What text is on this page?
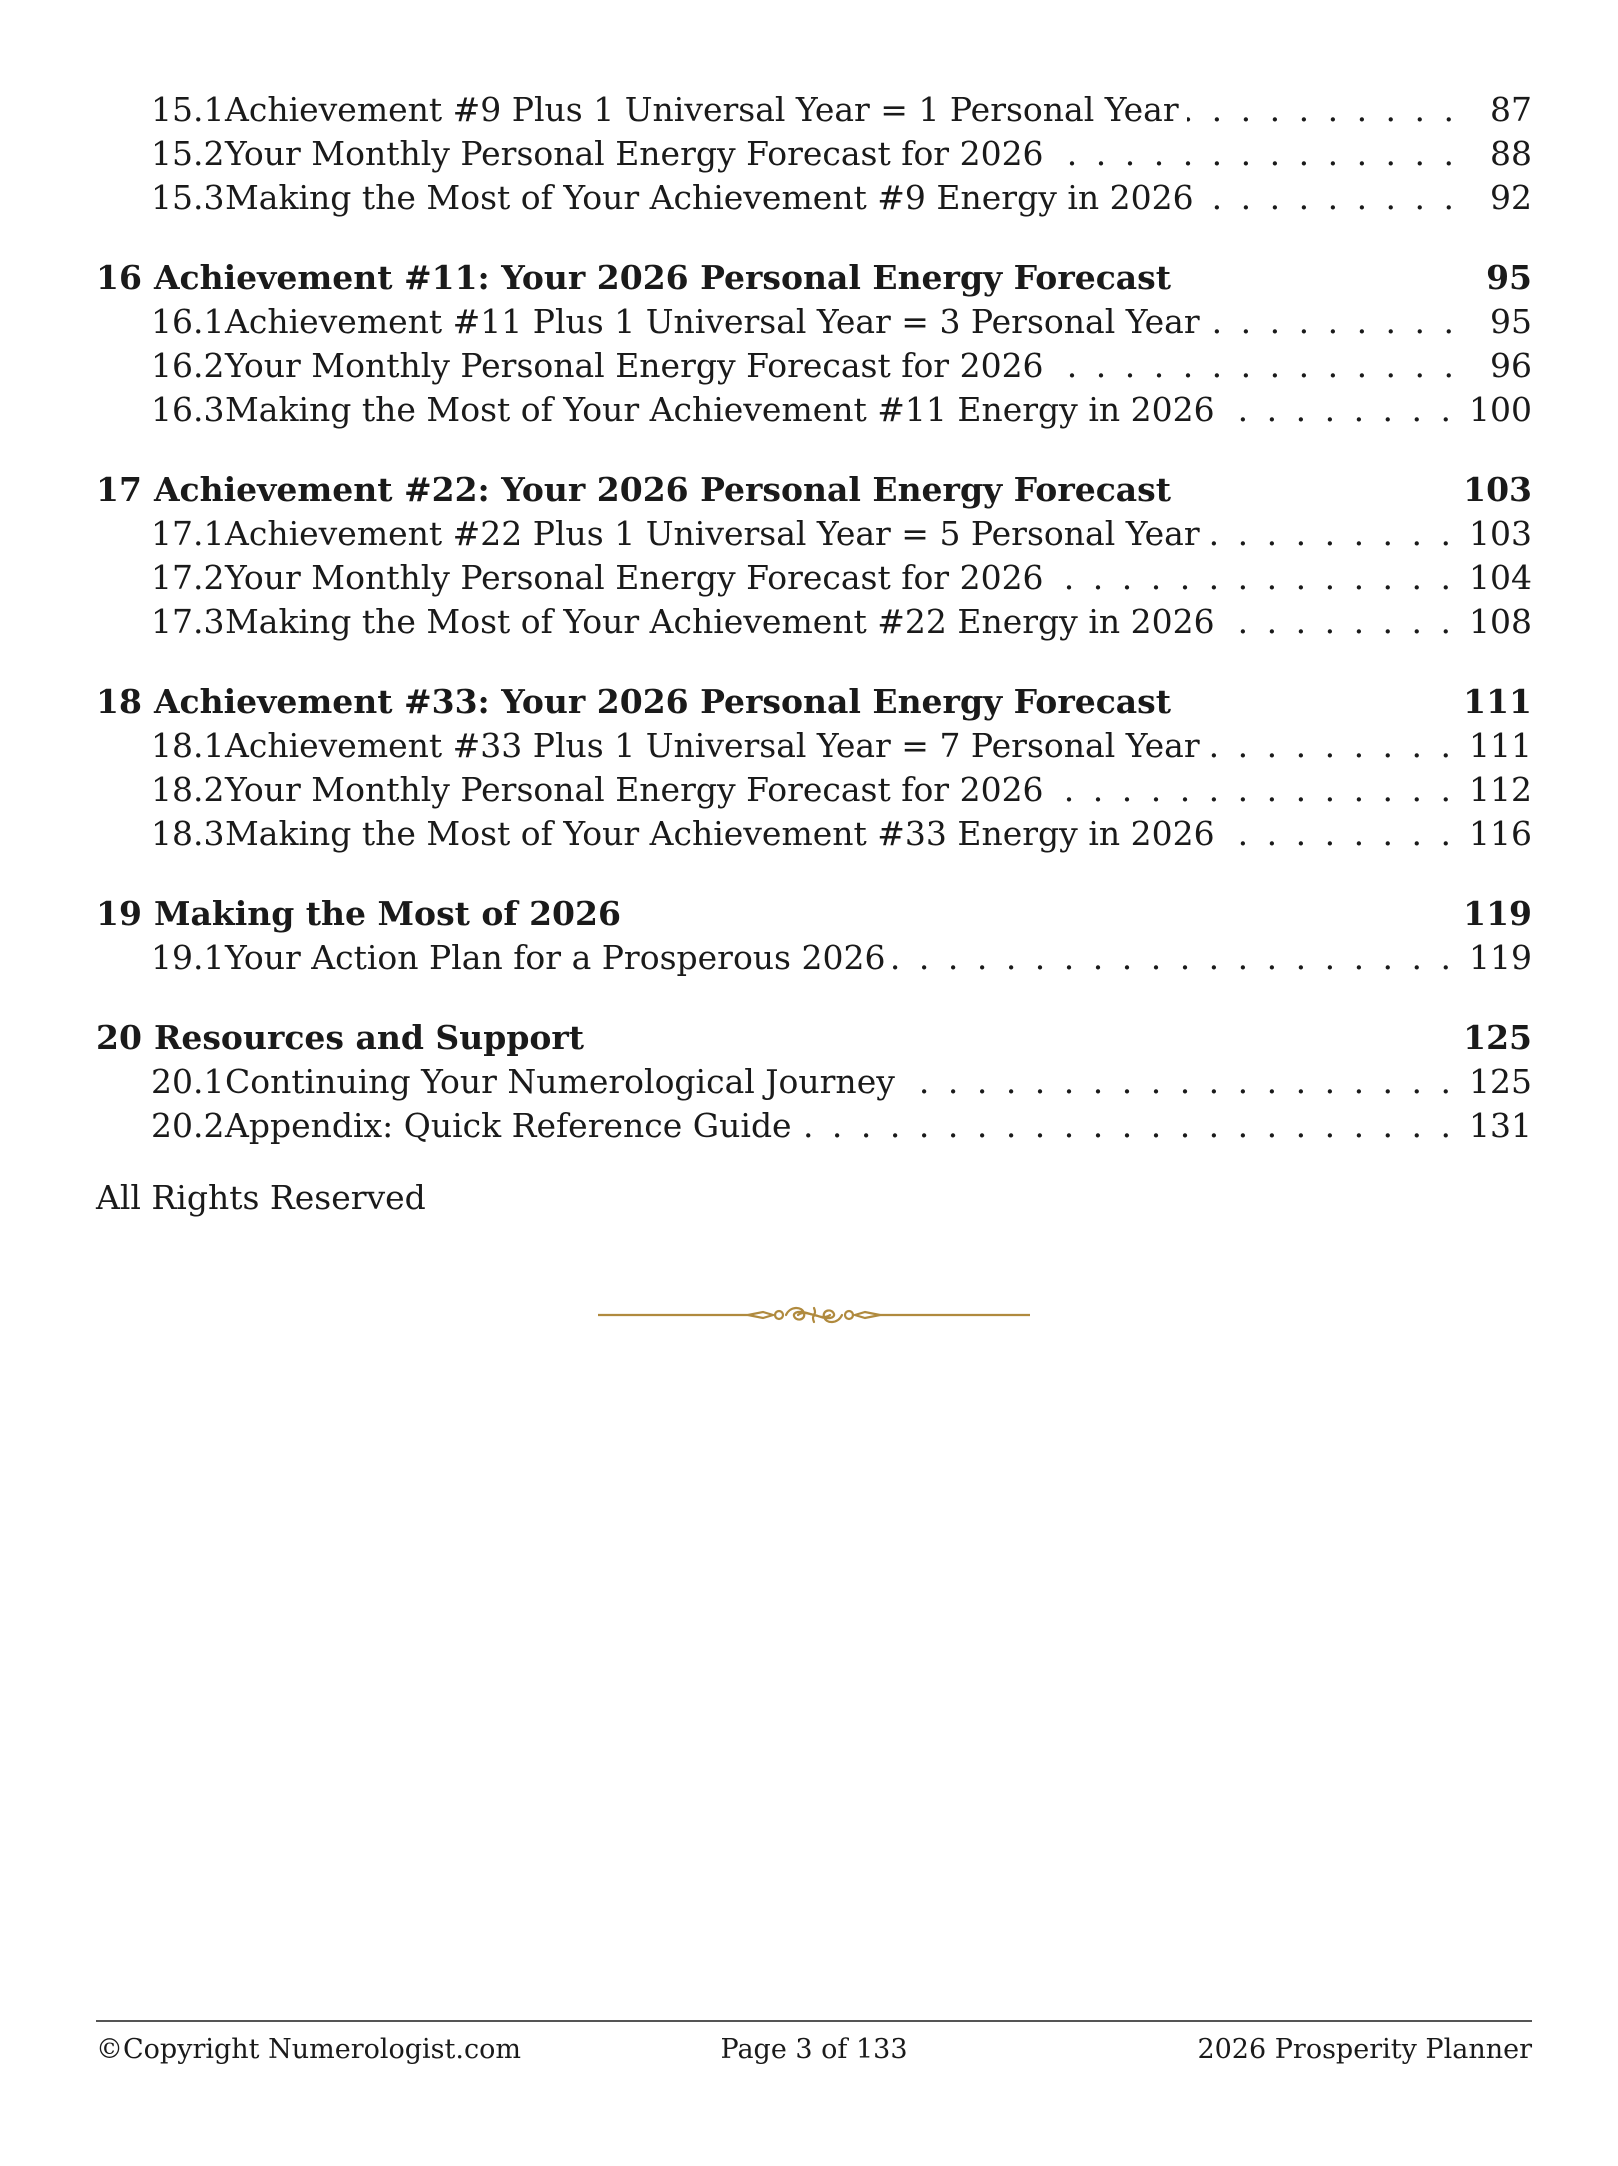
15.1 Achievement #9 Plus 1 Universal Year = 1 Personal Year . . .	87
15.2 Your Monthly Personal Energy Forecast for 2026 . . .	88
15.3 Making the Most of Your Achievement #9 Energy in 2026 . . .	92
16 Achievement #11: Your 2026 Personal Energy Forecast	95
16.1 Achievement #11 Plus 1 Universal Year = 3 Personal Year . . .	95
16.2 Your Monthly Personal Energy Forecast for 2026 . . .	96
16.3 Making the Most of Your Achievement #11 Energy in 2026 . . .	100
17 Achievement #22: Your 2026 Personal Energy Forecast	103
17.1 Achievement #22 Plus 1 Universal Year = 5 Personal Year . . .	103
17.2 Your Monthly Personal Energy Forecast for 2026 . . .	104
17.3 Making the Most of Your Achievement #22 Energy in 2026 . . .	108
18 Achievement #33: Your 2026 Personal Energy Forecast	111
18.1 Achievement #33 Plus 1 Universal Year = 7 Personal Year . . .	111
18.2 Your Monthly Personal Energy Forecast for 2026 . . .	112
18.3 Making the Most of Your Achievement #33 Energy in 2026 . . .	116
19 Making the Most of 2026	119
19.1 Your Action Plan for a Prosperous 2026 . . .	119
20 Resources and Support	125
20.1 Continuing Your Numerological Journey . . .	125
20.2 Appendix: Quick Reference Guide . . .	131
All Rights Reserved
©Copyright Numerologist.com	Page 3 of 133	2026 Prosperity Planner
